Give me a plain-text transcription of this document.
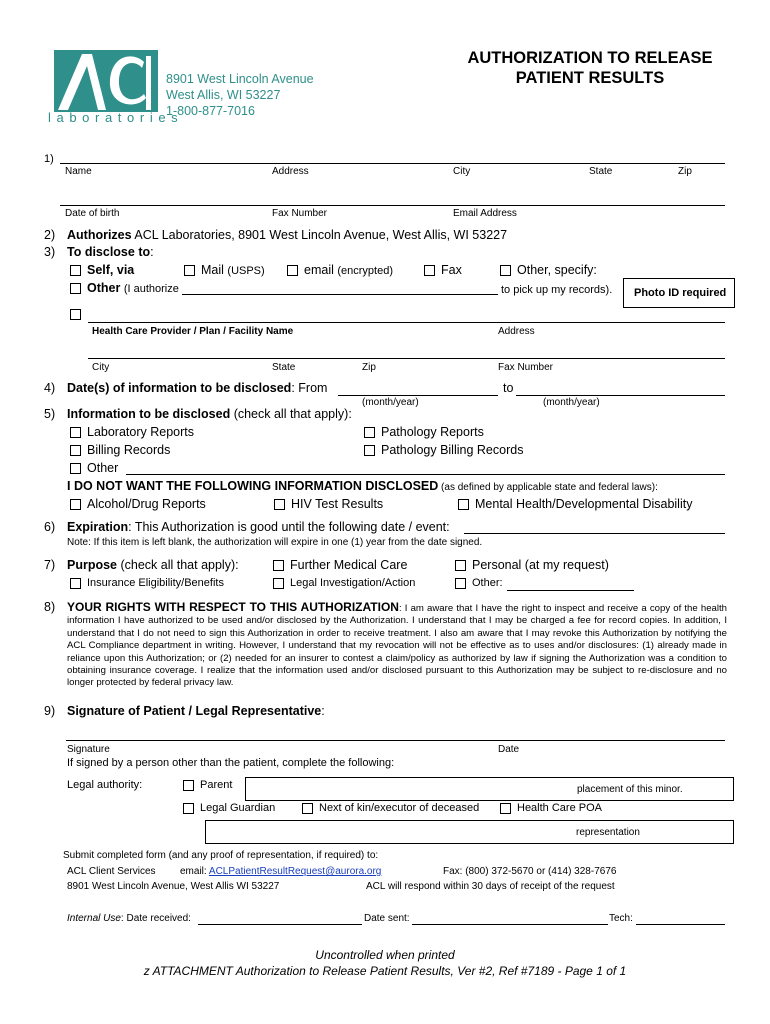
l a b o r a t o r i e s
8901 West Lincoln Avenue
West Allis, WI 53227
1-800-877-7016
AUTHORIZATION TO RELEASE
PATIENT RESULTS
1)
Name	Address	City	State	Zip
Date of birth	Fax Number	Email Address
2) Authorizes ACL Laboratories, 8901 West Lincoln Avenue, West Allis, WI 53227
3) To disclose to:
Self, via	Mail (USPS)	email (encrypted)	Fax	Other, specify:
Other (I authorize	to pick up my records). Photo ID required
Health Care Provider / Plan / Facility Name	Address
City	State	Zip	Fax Number
4) Date(s) of information to be disclosed: From	to
(month/year)	(month/year)
5) Information to be disclosed (check all that apply):
Laboratory Reports
Billing Records
Other
Pathology Reports
Pathology Billing Records
I DO NOT WANT THE FOLLOWING INFORMATION DISCLOSED (as defined by applicable state and federal laws):
Alcohol/Drug Reports	HIV Test Results	Mental Health/Developmental Disability
6) Expiration: This Authorization is good until the following date / event:
Note: If this item is left blank, the authorization will expire in one (1) year from the date signed.
7) Purpose (check all that apply):	Further Medical Care	Personal (at my request)
Insurance Eligibility/Benefits	Legal Investigation/Action	Other:
8) YOUR RIGHTS WITH RESPECT TO THIS AUTHORIZATION: I am aware that I have the right to inspect and receive a copy of the health information I have authorized to be used and/or disclosed by the Authorization. I understand that I may be charged a fee for record copies. In addition, I understand that I do not need to sign this Authorization in order to receive treatment. I also am aware that I may revoke this Authorization by notifying the ACL Compliance department in writing. However, I understand that my revocation will not be effective as to uses and/or disclosures: (1) already made in reliance upon this Authorization; or (2) needed for an insurer to contest a claim/policy as authorized by law if signing the Authorization was a condition to obtaining insurance coverage. I realize that the information used and/or disclosed pursuant to this Authorization may be subject to re-disclosure and no longer protected by federal privacy law.
9) Signature of Patient / Legal Representative:
Signature	Date
If signed by a person other than the patient, complete the following:
Legal authority:	Parent	placement of this minor.
Legal Guardian	Next of kin/executor of deceased	Health Care POA
representation
Submit completed form (and any proof of representation, if required) to:
ACL Client Services email: ACLPatientResultRequest@aurora.org	Fax: (800) 372-5670 or (414) 328-7676
8901 West Lincoln Avenue, West Allis WI 53227	ACL will respond within 30 days of receipt of the request
Internal Use: Date received:	Date sent:	Tech:
Uncontrolled when printed
z ATTACHMENT Authorization to Release Patient Results, Ver #2, Ref #7189 - Page 1 of 1
